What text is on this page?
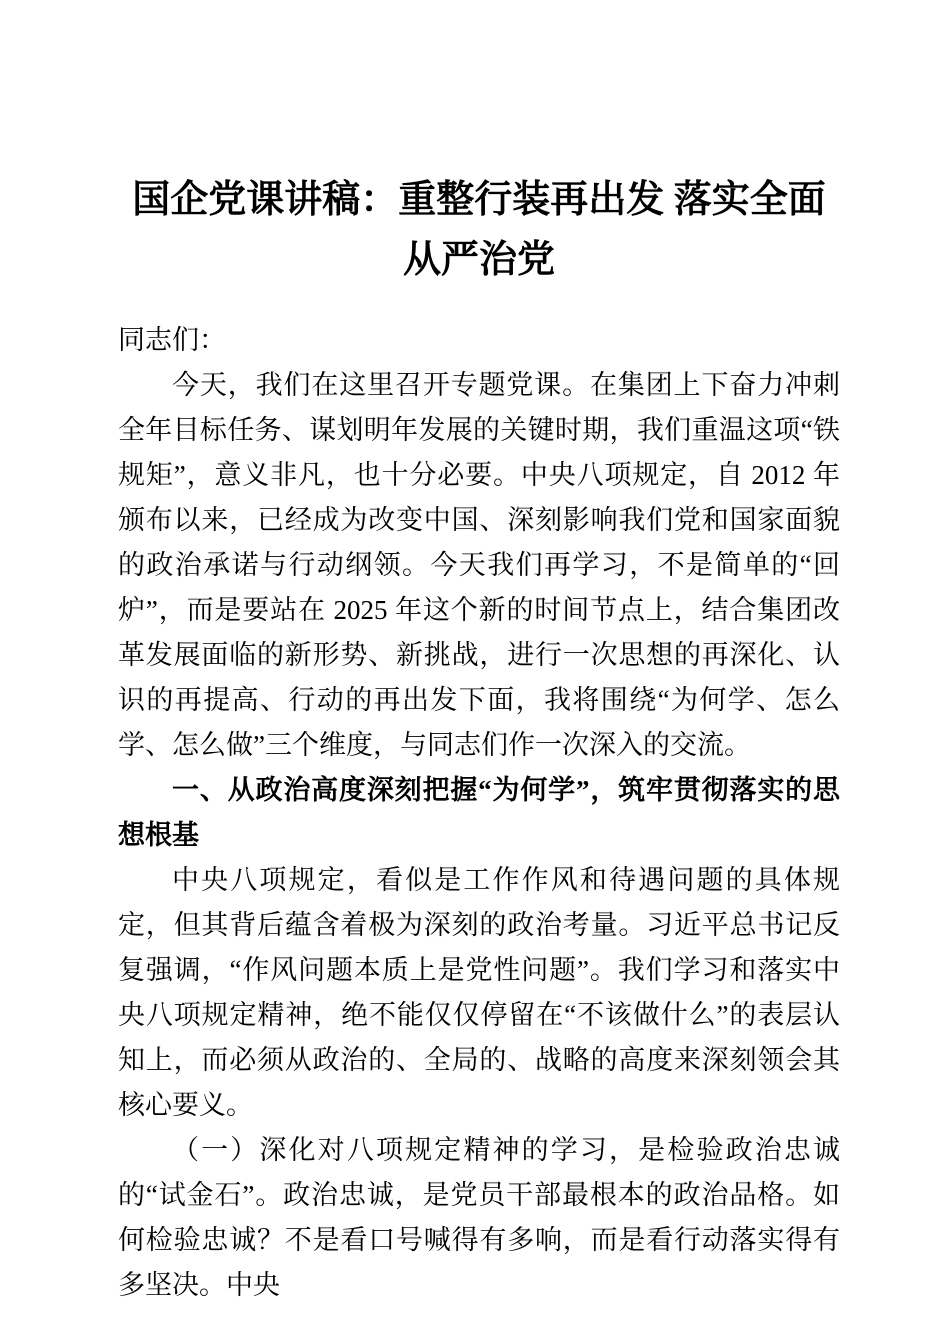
国企党课讲稿：重整行装再出发 落实全面从严治党

同志们：

今天，我们在这里召开专题党课。在集团上下奋力冲刺全年目标任务、谋划明年发展的关键时期，我们重温这项“铁规矩”，意义非凡，也十分必要。中央八项规定，自 2012 年颁布以来，已经成为改变中国、深刻影响我们党和国家面貌的政治承诺与行动纲领。今天我们再学习，不是简单的“回炉”，而是要站在 2025 年这个新的时间节点上，结合集团改革发展面临的新形势、新挑战，进行一次思想的再深化、认识的再提高、行动的再出发下面，我将围绕“为何学、怎么学、怎么做”三个维度，与同志们作一次深入的交流。

一、从政治高度深刻把握“为何学”，筑牢贯彻落实的思想根基

中央八项规定，看似是工作作风和待遇问题的具体规定，但其背后蕴含着极为深刻的政治考量。习近平总书记反复强调，“作风问题本质上是党性问题”。我们学习和落实中央八项规定精神，绝不能仅仅停留在“不该做什么”的表层认知上，而必须从政治的、全局的、战略的高度来深刻领会其核心要义。

（一）深化对八项规定精神的学习，是检验政治忠诚的“试金石”。政治忠诚，是党员干部最根本的政治品格。如何检验忠诚？不是看口号喊得有多响，而是看行动落实得有多坚决。中央
